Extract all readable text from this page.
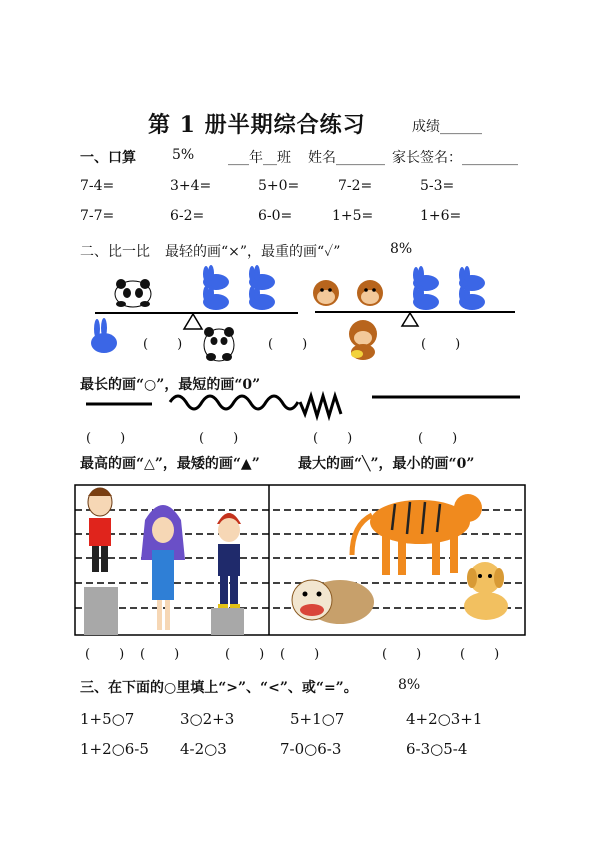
第 1 册半期综合练习	成绩______
一、口算	5% ___年__班 姓名_______ 家长签名：________
7-4=	3+4=	5+0=	7-2=	5-3=
7-7=	6-2=	6-0=	1+5=	1+6=
二、比一比 最轻的画“×”，最重的画“✓”	8%
(　　)	(　　)	(　　)
最长的画“○”，最短的画“0”
(　　)	(　　)	(　　)	(　　)
最高的画“△”，最矮的画“▲”	最大的画“╲”，最小的画“0”
(　　) (　　)	(　　) (　　)	(　　)	(　　)
三、在下面的○里填上“>”、“<”、或“=”。	8%
1+5○7	3○2+3	5+1○7	4+2○3+1
1+2○6-5 4-2○3	7-0○6-3	6-3○5-4
